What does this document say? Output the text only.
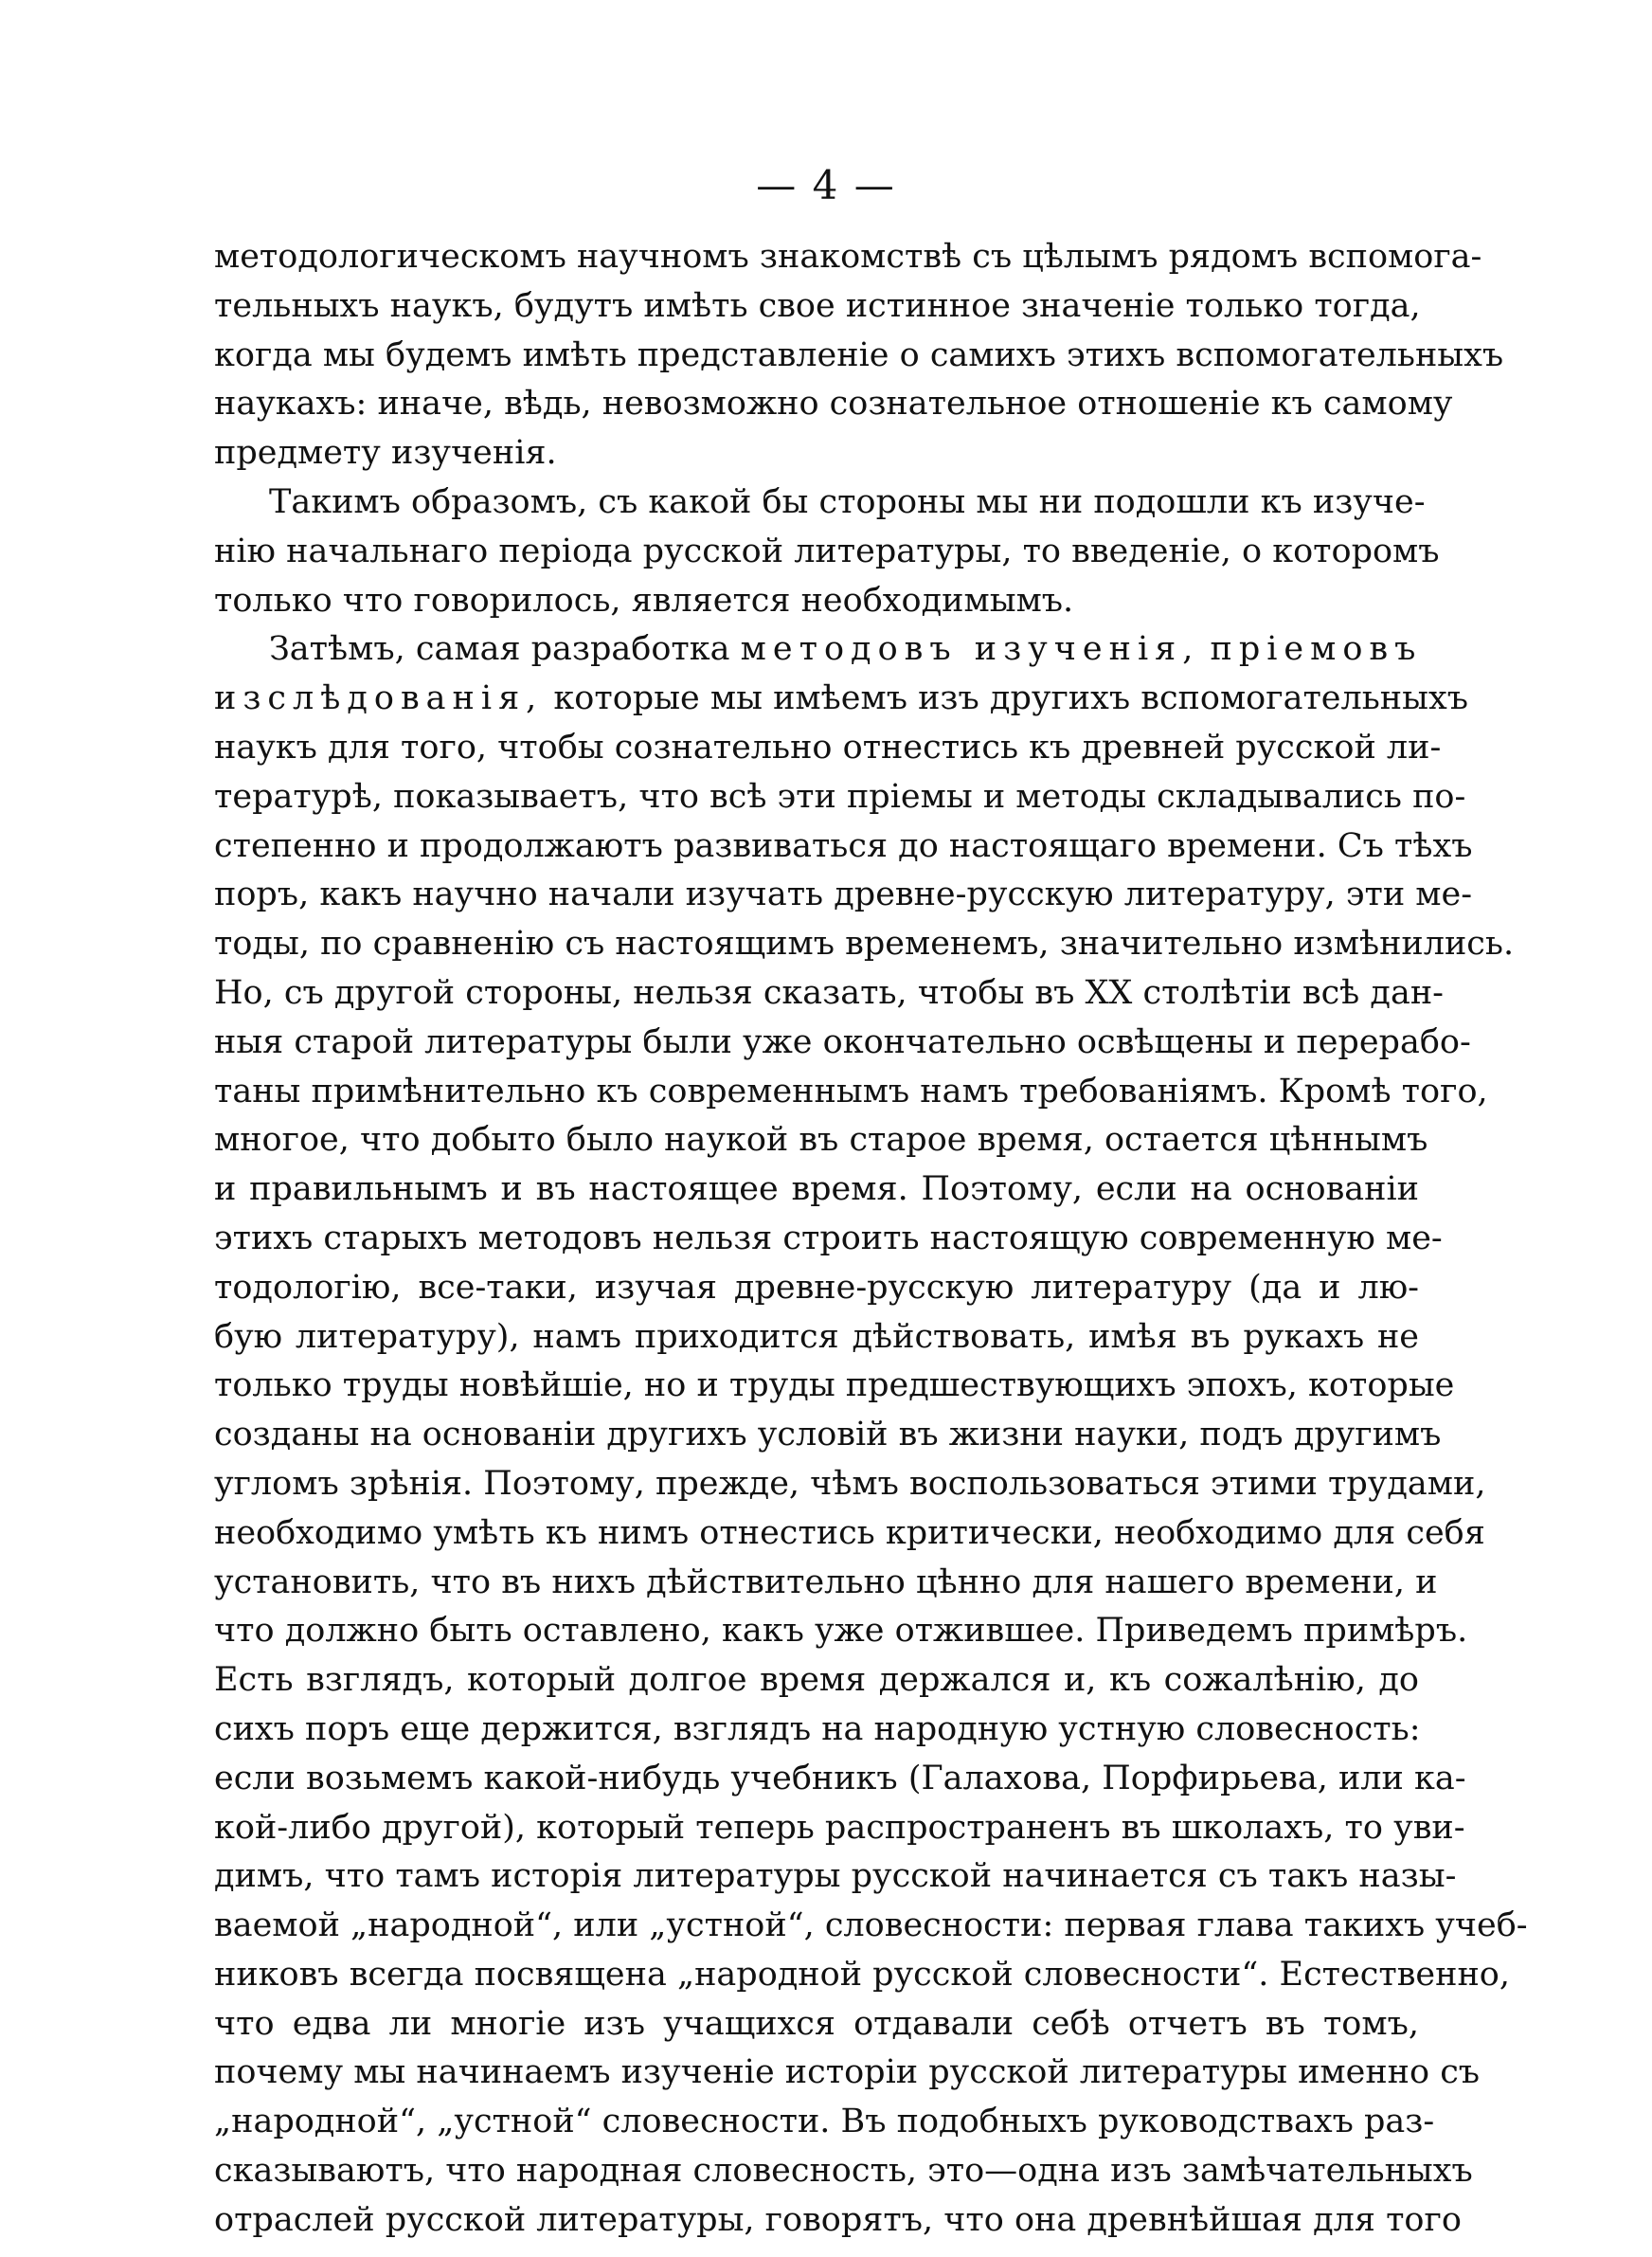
— 4 —
методологическомъ научномъ знакомствѣ съ цѣлымъ рядомъ вспомога-
тельныхъ наукъ, будутъ имѣть свое истинное значеніе только тогда,
когда мы будемъ имѣть представленіе о самихъ этихъ вспомогательныхъ
наукахъ: иначе, вѣдь, невозможно сознательное отношеніе къ самому
предмету изученія.
Такимъ образомъ, съ какой бы стороны мы ни подошли къ изуче-
нію начальнаго періода русской литературы, то введеніе, о которомъ
только что говорилось, является необходимымъ.
Затѣмъ, самая разработка методовъ изученія, пріемовъ
изслѣдованія, которые мы имѣемъ изъ другихъ вспомогательныхъ
наукъ для того, чтобы сознательно отнестись къ древней русской ли-
тературѣ, показываетъ, что всѣ эти пріемы и методы складывались по-
степенно и продолжаютъ развиваться до настоящаго времени. Съ тѣхъ
поръ, какъ научно начали изучать древне-русскую литературу, эти ме-
тоды, по сравненію съ настоящимъ временемъ, значительно измѣнились.
Но, съ другой стороны, нельзя сказать, чтобы въ XX столѣтіи всѣ дан-
ныя старой литературы были уже окончательно освѣщены и перерабо-
таны примѣнительно къ современнымъ намъ требованіямъ. Кромѣ того,
многое, что добыто было наукой въ старое время, остается цѣннымъ
и правильнымъ и въ настоящее время. Поэтому, если на основаніи
этихъ старыхъ методовъ нельзя строить настоящую современную ме-
тодологію, все-таки, изучая древне-русскую литературу (да и лю-
бую литературу), намъ приходится дѣйствовать, имѣя въ рукахъ не
только труды новѣйшіе, но и труды предшествующихъ эпохъ, которые
созданы на основаніи другихъ условій въ жизни науки, подъ другимъ
угломъ зрѣнія. Поэтому, прежде, чѣмъ воспользоваться этими трудами,
необходимо умѣть къ нимъ отнестись критически, необходимо для себя
установить, что въ нихъ дѣйствительно цѣнно для нашего времени, и
что должно быть оставлено, какъ уже отжившее. Приведемъ примѣръ.
Есть взглядъ, который долгое время держался и, къ сожалѣнію, до
сихъ поръ еще держится, взглядъ на народную устную словесность:
если возьмемъ какой-нибудь учебникъ (Галахова, Порфирьева, или ка-
кой-либо другой), который теперь распространенъ въ школахъ, то уви-
димъ, что тамъ исторія литературы русской начинается съ такъ назы-
ваемой „народной“, или „устной“, словесности: первая глава такихъ учеб-
никовъ всегда посвящена „народной русской словесности“. Естественно,
что едва ли многіе изъ учащихся отдавали себѣ отчетъ въ томъ,
почему мы начинаемъ изученіе исторіи русской литературы именно съ
„народной“, „устной“ словесности. Въ подобныхъ руководствахъ раз-
сказываютъ, что народная словесность, это—одна изъ замѣчательныхъ
отраслей русской литературы, говорятъ, что она древнѣйшая для того
